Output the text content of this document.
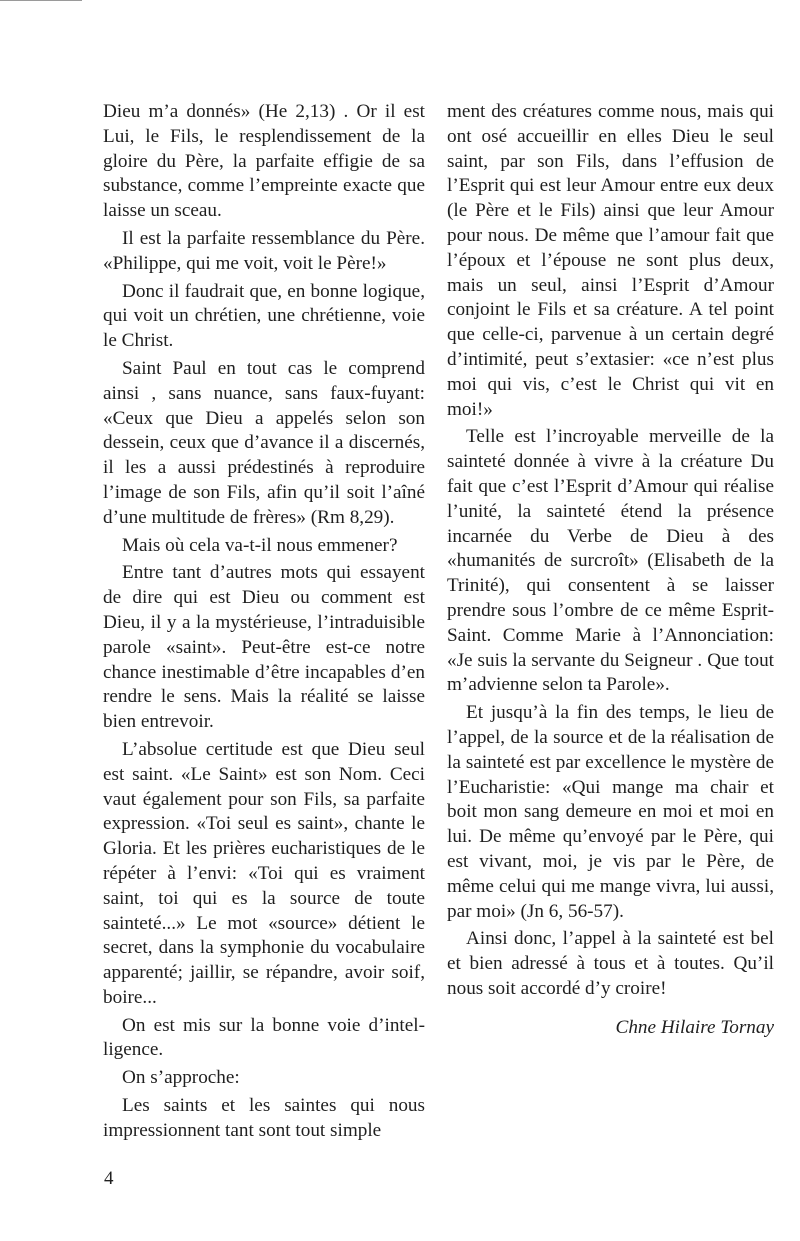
Dieu m’a donnés» (He 2,13) . Or il est Lui, le Fils, le resplendissement de la gloire du Père, la parfaite effigie de sa substance, comme l’empreinte exacte que laisse un sceau.

Il est la parfaite ressemblance du Père. «Philippe, qui me voit, voit le Père!»

Donc il faudrait que, en bonne logique, qui voit un chrétien, une chrétienne, voie le Christ.

Saint Paul en tout cas le comprend ainsi , sans nuance, sans faux-fuyant: «Ceux que Dieu a appelés selon son dessein, ceux que d’avance il a discernés, il les a aussi prédestinés à reproduire l’image de son Fils, afin qu’il soit l’aîné d’une multitude de frères» (Rm 8,29).

Mais où cela va-t-il nous emmener?

Entre tant d’autres mots qui essayent de dire qui est Dieu ou comment est Dieu, il y a la mystérieuse, l’intraduisible parole «saint». Peut-être est-ce notre chance inestimable d’être incapables d’en rendre le sens. Mais la réalité se laisse bien entrevoir.

L’absolue certitude est que Dieu seul est saint. «Le Saint» est son Nom. Ceci vaut également pour son Fils, sa parfaite expression. «Toi seul es saint», chante le Gloria. Et les prières eucharistiques de le répéter à l’envi: «Toi qui es vraiment saint, toi qui es la source de toute sainteté...» Le mot «source» détient le secret, dans la symphonie du vocabulaire apparenté; jaillir, se répandre, avoir soif, boire...

On est mis sur la bonne voie d’intelligence.

On s’approche:

Les saints et les saintes qui nous impressionnent tant sont tout simple

ment des créatures comme nous, mais qui ont osé accueillir en elles Dieu le seul saint, par son Fils, dans l’effusion de l’Esprit qui est leur Amour entre eux deux (le Père et le Fils) ainsi que leur Amour pour nous. De même que l’amour fait que l’époux et l’épouse ne sont plus deux, mais un seul, ainsi l’Esprit d’Amour conjoint le Fils et sa créature. A tel point que celle-ci, parvenue à un certain degré d’intimité, peut s’extasier: «ce n’est plus moi qui vis, c’est le Christ qui vit en moi!»

Telle est l’incroyable merveille de la sainteté donnée à vivre à la créature Du fait que c’est l’Esprit d’Amour qui réalise l’unité, la sainteté étend la présence incarnée du Verbe de Dieu à des «humanités de surcroît» (Elisabeth de la Trinité), qui consentent à se laisser prendre sous l’ombre de ce même Esprit-Saint. Comme Marie à l’Annonciation: «Je suis la servante du Seigneur . Que tout m’advienne selon ta Parole».

Et jusqu’à la fin des temps, le lieu de l’appel, de la source et de la réalisation de la sainteté est par excellence le mystère de l’Eucharistie: «Qui mange ma chair et boit mon sang demeure en moi et moi en lui. De même qu’envoyé par le Père, qui est vivant, moi, je vis par le Père, de même celui qui me mange vivra, lui aussi, par moi» (Jn 6, 56-57).

Ainsi donc, l’appel à la sainteté est bel et bien adressé à tous et à toutes. Qu’il nous soit accordé d’y croire!

Chne Hilaire Tornay

4
